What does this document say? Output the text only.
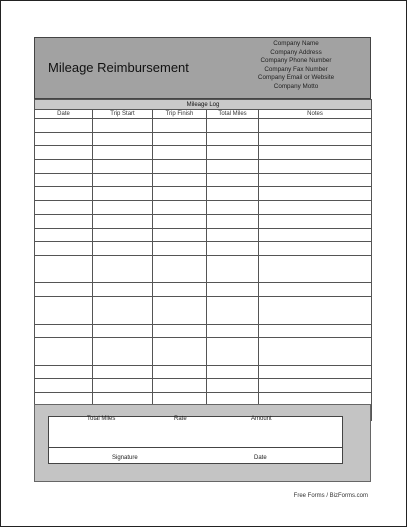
Mileage Reimbursement
Company Name
Company Address
Company Phone Number
Company Fax Number
Company Email or Website
Company Motto
Mileage Log				
Date	Trip Start	Trip Finish	Total Miles	Notes

Total Miles	Rate	Amount
Signature	Date
Free Forms / BizForms.com
